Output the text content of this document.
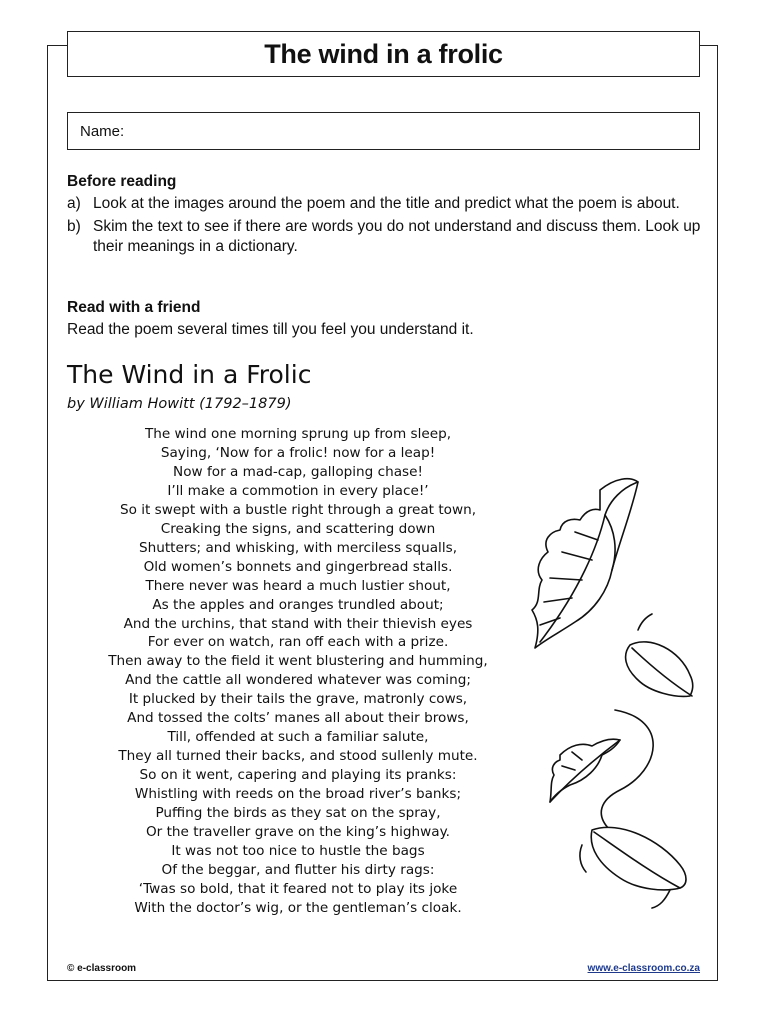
The wind in a frolic
Name:
Before reading
a) Look at the images around the poem and the title and predict what the poem is about.
b) Skim the text to see if there are words you do not understand and discuss them. Look up their meanings in a dictionary.
Read with a friend
Read the poem several times till you feel you understand it.
The Wind in a Frolic
by William Howitt (1792–1879)
The wind one morning sprung up from sleep,
Saying, ‘Now for a frolic! now for a leap!
Now for a mad-cap, galloping chase!
I’ll make a commotion in every place!’
So it swept with a bustle right through a great town,
Creaking the signs, and scattering down
Shutters; and whisking, with merciless squalls,
Old women’s bonnets and gingerbread stalls.
There never was heard a much lustier shout,
As the apples and oranges trundled about;
And the urchins, that stand with their thievish eyes
For ever on watch, ran off each with a prize.
Then away to the field it went blustering and humming,
And the cattle all wondered whatever was coming;
It plucked by their tails the grave, matronly cows,
And tossed the colts’ manes all about their brows,
Till, offended at such a familiar salute,
They all turned their backs, and stood sullenly mute.
So on it went, capering and playing its pranks:
Whistling with reeds on the broad river’s banks;
Puffing the birds as they sat on the spray,
Or the traveller grave on the king’s highway.
It was not too nice to hustle the bags
Of the beggar, and flutter his dirty rags:
‘Twas so bold, that it feared not to play its joke
With the doctor’s wig, or the gentleman’s cloak.
© e-classroom	www.e-classroom.co.za
